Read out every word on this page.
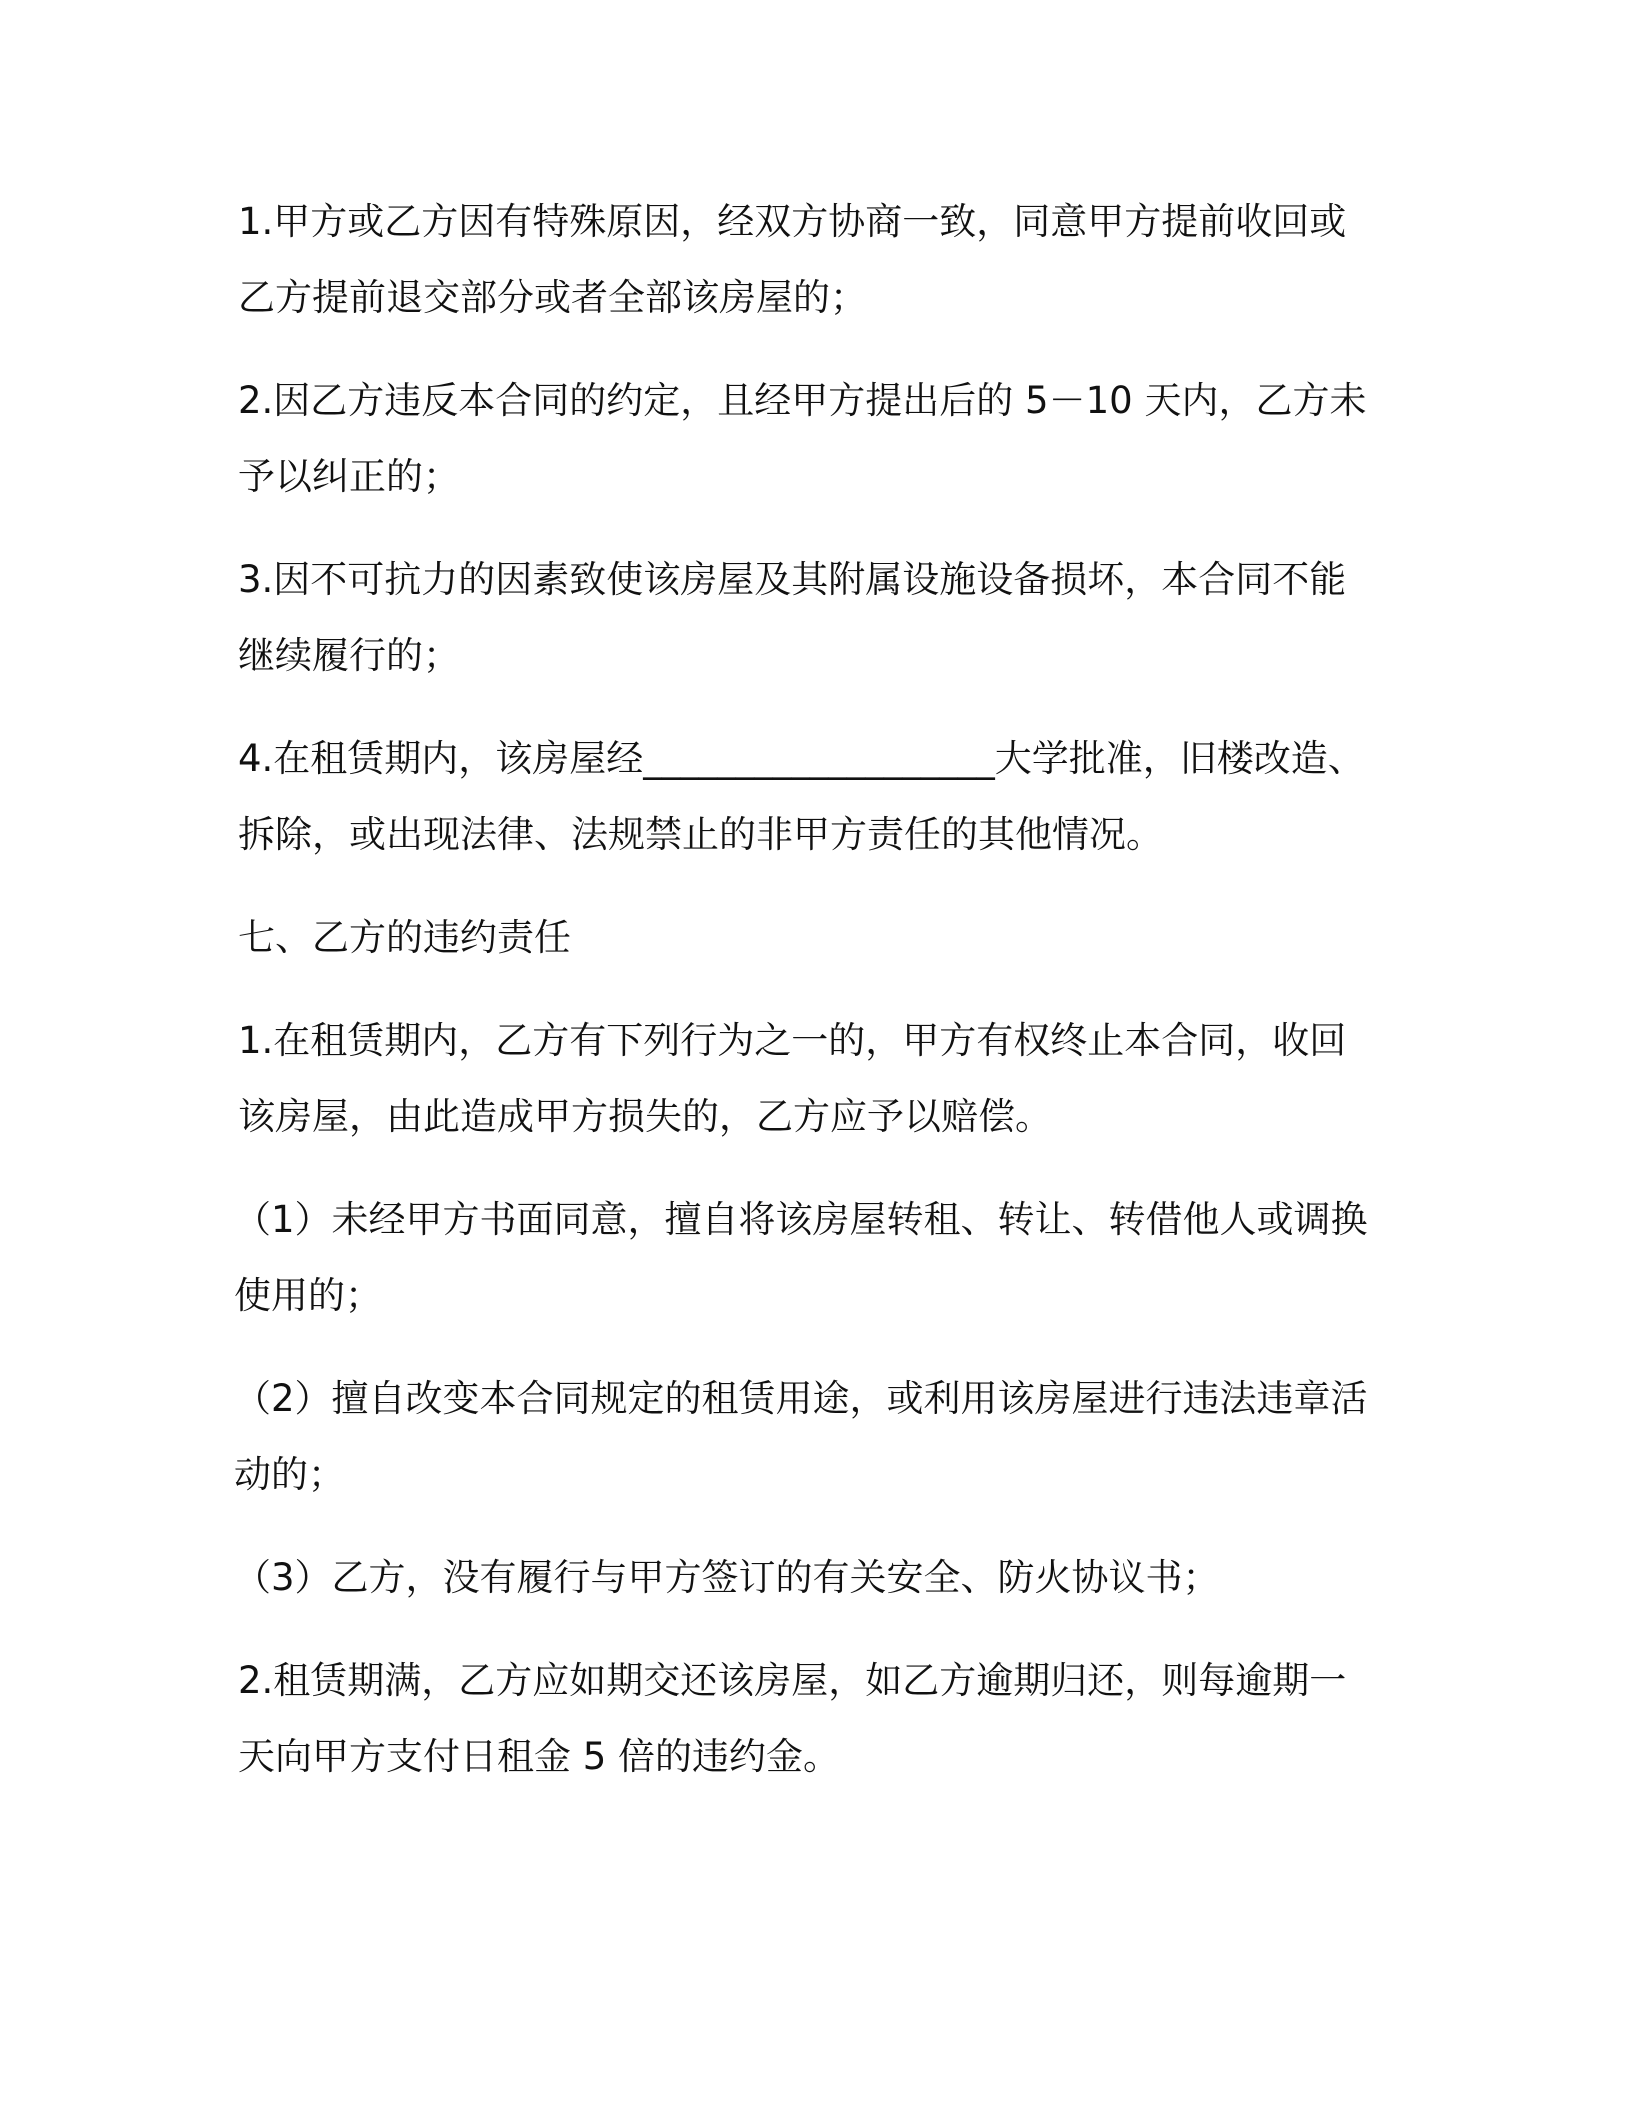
1.甲方或乙方因有特殊原因，经双方协商一致，同意甲方提前收回或
乙方提前退交部分或者全部该房屋的；

2.因乙方违反本合同的约定，且经甲方提出后的 5－10 天内，乙方未
予以纠正的；

3.因不可抗力的因素致使该房屋及其附属设施设备损坏，本合同不能
继续履行的；

4.在租赁期内，该房屋经___________________大学批准，旧楼改造、
拆除，或出现法律、法规禁止的非甲方责任的其他情况。

七、乙方的违约责任

1.在租赁期内，乙方有下列行为之一的，甲方有权终止本合同，收回
该房屋，由此造成甲方损失的，乙方应予以赔偿。

（1）未经甲方书面同意，擅自将该房屋转租、转让、转借他人或调换
使用的；

（2）擅自改变本合同规定的租赁用途，或利用该房屋进行违法违章活
动的；

（3）乙方，没有履行与甲方签订的有关安全、防火协议书；

2.租赁期满，乙方应如期交还该房屋，如乙方逾期归还，则每逾期一
天向甲方支付日租金 5 倍的违约金。
